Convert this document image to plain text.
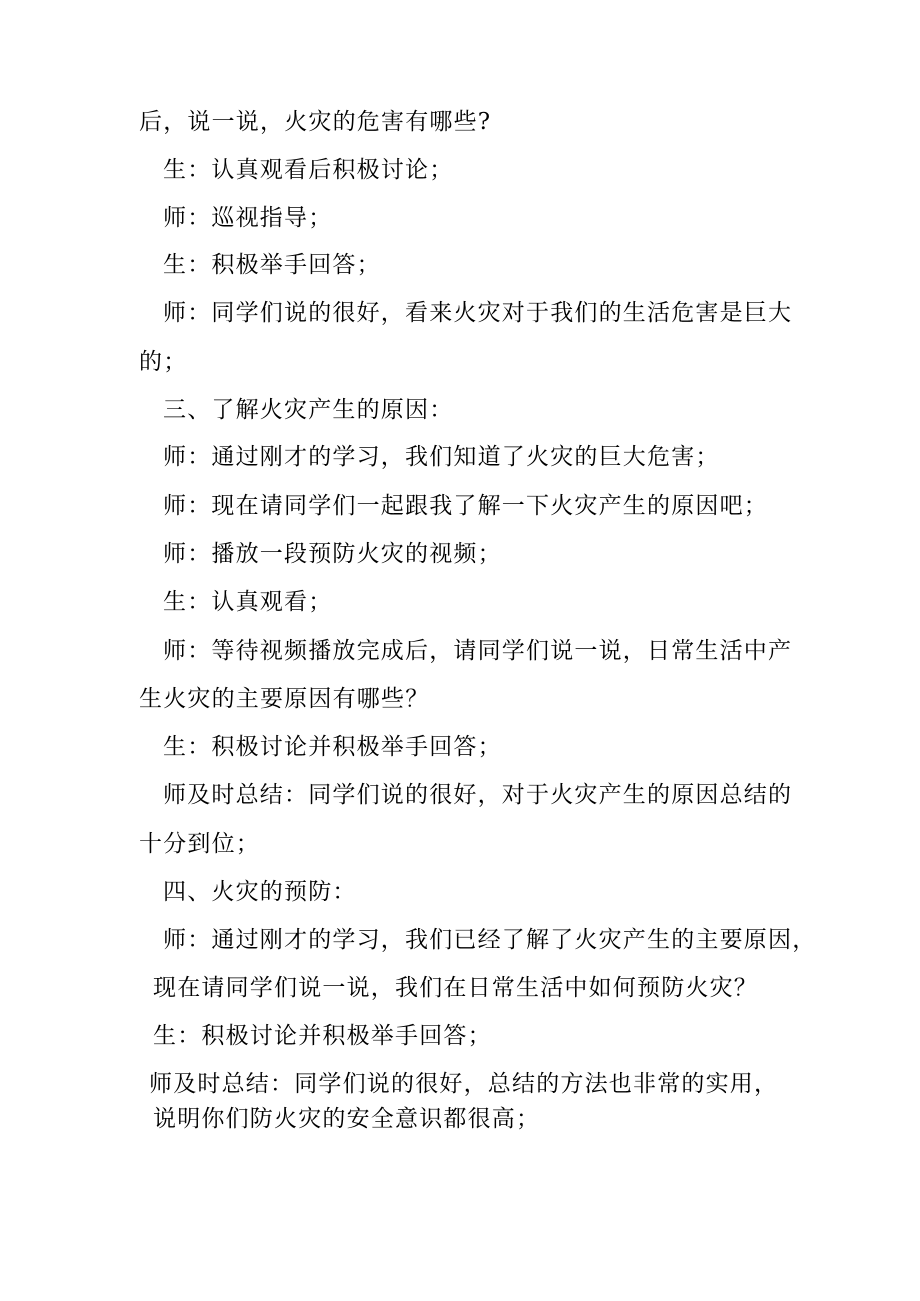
后，说一说，火灾的危害有哪些?

生：认真观看后积极讨论；

师：巡视指导；

生：积极举手回答；

师：同学们说的很好，看来火灾对于我们的生活危害是巨大

的；

三、了解火灾产生的原因：

师：通过刚才的学习，我们知道了火灾的巨大危害；

师：现在请同学们一起跟我了解一下火灾产生的原因吧；

师：播放一段预防火灾的视频；

生：认真观看；

师：等待视频播放完成后，请同学们说一说，日常生活中产

生火灾的主要原因有哪些？

生：积极讨论并积极举手回答；

师及时总结：同学们说的很好，对于火灾产生的原因总结的

十分到位；

四、火灾的预防：

师：通过刚才的学习，我们已经了解了火灾产生的主要原因，

现在请同学们说一说，我们在日常生活中如何预防火灾？

生：积极讨论并积极举手回答；

师及时总结：同学们说的很好，总结的方法也非常的实用，

说明你们防火灾的安全意识都很高；
